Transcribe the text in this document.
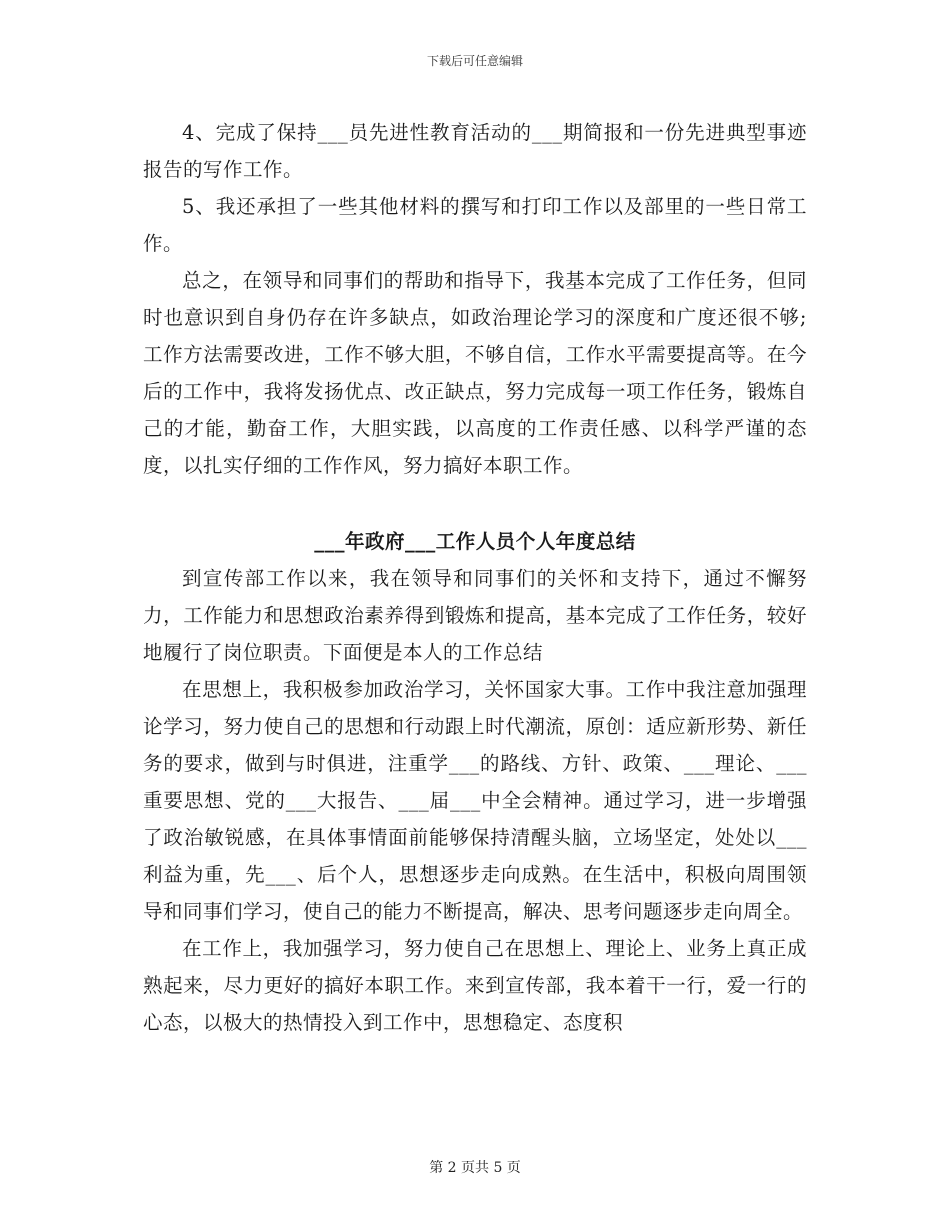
下载后可任意编辑

4、完成了保持___员先进性教育活动的___期简报和一份先进典型事迹报告的写作工作。

5、我还承担了一些其他材料的撰写和打印工作以及部里的一些日常工作。

总之，在领导和同事们的帮助和指导下，我基本完成了工作任务，但同时也意识到自身仍存在许多缺点，如政治理论学习的深度和广度还很不够;工作方法需要改进，工作不够大胆，不够自信，工作水平需要提高等。在今后的工作中，我将发扬优点、改正缺点，努力完成每一项工作任务，锻炼自己的才能，勤奋工作，大胆实践，以高度的工作责任感、以科学严谨的态度，以扎实仔细的工作作风，努力搞好本职工作。

___年政府___工作人员个人年度总结

到宣传部工作以来，我在领导和同事们的关怀和支持下，通过不懈努力，工作能力和思想政治素养得到锻炼和提高，基本完成了工作任务，较好地履行了岗位职责。下面便是本人的工作总结

在思想上，我积极参加政治学习，关怀国家大事。工作中我注意加强理论学习，努力使自己的思想和行动跟上时代潮流，原创：适应新形势、新任务的要求，做到与时俱进，注重学___的路线、方针、政策、___理论、___重要思想、党的___大报告、___届___中全会精神。通过学习，进一步增强了政治敏锐感，在具体事情面前能够保持清醒头脑，立场坚定，处处以___利益为重，先___、后个人，思想逐步走向成熟。在生活中，积极向周围领导和同事们学习，使自己的能力不断提高，解决、思考问题逐步走向周全。

在工作上，我加强学习，努力使自己在思想上、理论上、业务上真正成熟起来，尽力更好的搞好本职工作。来到宣传部，我本着干一行，爱一行的心态，以极大的热情投入到工作中，思想稳定、态度积

第 2 页共 5 页
